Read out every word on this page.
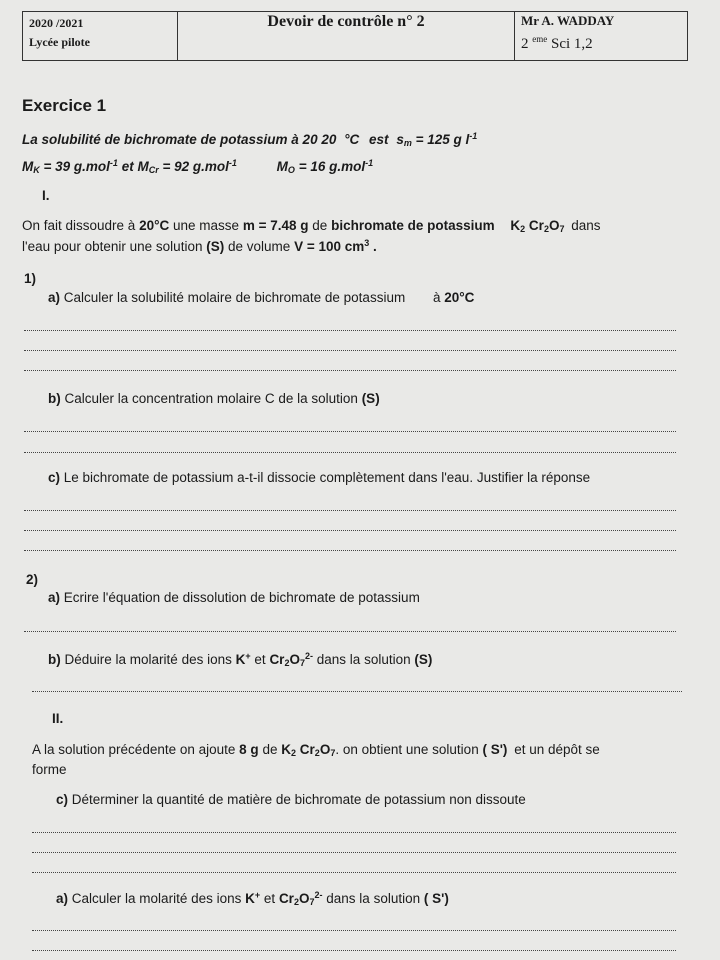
2020 /2021
Lycée pilote
Devoir de contrôle n° 2	Mr A. WADDAY
2 $^{eme}$ Sci 1,2
Exercice 1
La solubilité de bichromate de potassium à 20 20 °C est $s_m = 125$ g $l^{-1}$
$M_K = 39$ g.mol$^{-1}$ et $M_{Cr} = 92$ g.mol$^{-1}$	$M_O = 16$ g.mol$^{-1}$
I.
On fait dissoudre à 20°C une masse m = 7.48 g de bichromate de potassium $K_2$ $Cr_2O_7$ dans
l'eau pour obtenir une solution (S) de volume V = 100 $cm^3$ .
1)
a) Calculer la solubilité molaire de bichromate de potassium à 20°C
b) Calculer la concentration molaire C de la solution (S)
c) Le bichromate de potassium a-t-il dissocie complètement dans l'eau. Justifier la réponse
2)
a) Ecrire l'équation de dissolution de bichromate de potassium
b) Déduire la molarité des ions K+ et $Cr_2O_7^{2-}$ dans la solution (S)
II.
A la solution précédente on ajoute 8 g de $K_2$ $Cr_2O_7$. on obtient une solution ( S') et un dépôt se
forme
c) Déterminer la quantité de matière de bichromate de potassium non dissoute
a) Calculer la molarité des ions K+ et $Cr_2O_7^{2-}$ dans la solution ( S')
